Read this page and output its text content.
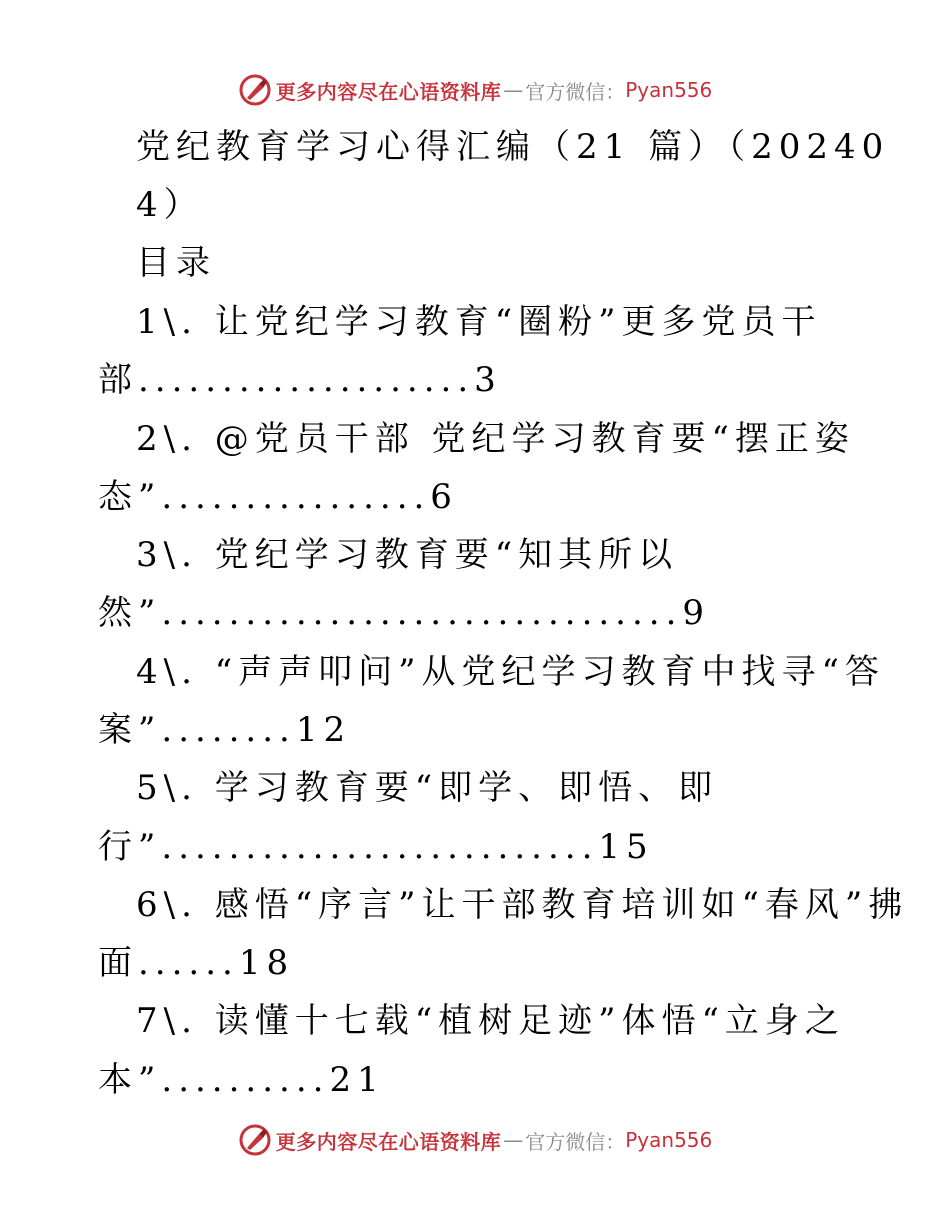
更多内容尽在心语资料库 — 官方微信： Pyan556
党纪教育学习心得汇编（21 篇）（20240
4）
目录
1\. 让党纪学习教育“圈粉”更多党员干
部....................3
2\. @党员干部 党纪学习教育要“摆正姿
态”................6
3\. 党纪学习教育要“知其所以
然”...............................9
4\. “声声叩问”从党纪学习教育中找寻“答
案”........12
5\. 学习教育要“即学、即悟、即
行”..........................15
6\. 感悟“序言”让干部教育培训如“春风”拂
面......18
7\. 读懂十七载“植树足迹”体悟“立身之
本”..........21
更多内容尽在心语资料库 — 官方微信： Pyan556
